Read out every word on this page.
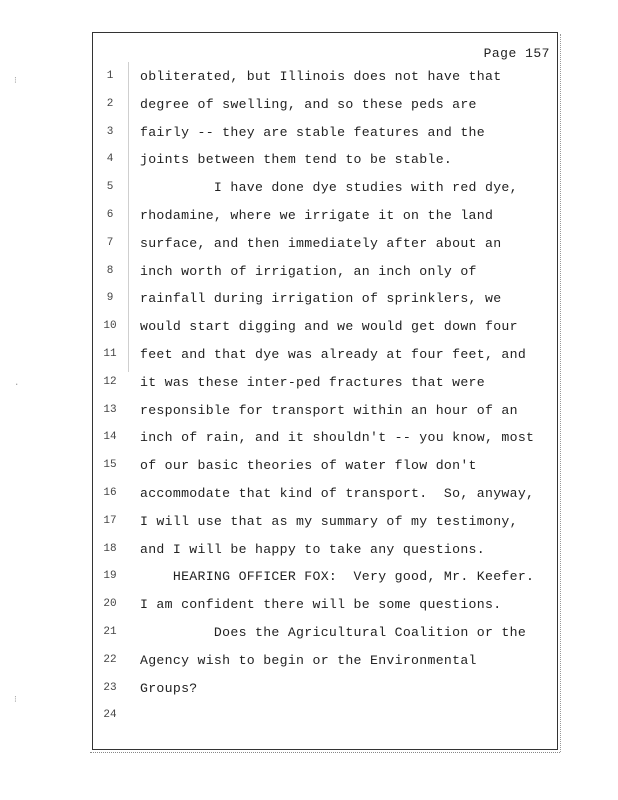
⁝
·
⁝
Page 157
1	obliterated, but Illinois does not have that
2	degree of swelling, and so these peds are
3	fairly -- they are stable features and the
4	joints between them tend to be stable.
5	I have done dye studies with red dye,
6	rhodamine, where we irrigate it on the land
7	surface, and then immediately after about an
8	inch worth of irrigation, an inch only of
9	rainfall during irrigation of sprinklers, we
10 would start digging and we would get down four
11 feet and that dye was already at four feet, and
12 it was these inter-ped fractures that were
13 responsible for transport within an hour of an
14 inch of rain, and it shouldn't -- you know, most
15 of our basic theories of water flow don't
16 accommodate that kind of transport.  So, anyway,
17 I will use that as my summary of my testimony,
18 and I will be happy to take any questions.
19 HEARING OFFICER FOX:  Very good, Mr. Keefer.
20 I am confident there will be some questions.
21 Does the Agricultural Coalition or the
22 Agency wish to begin or the Environmental
23 Groups?
24
